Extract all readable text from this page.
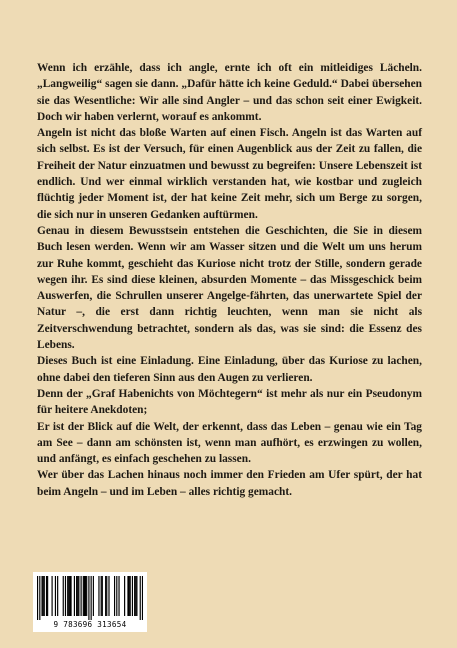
Wenn ich erzähle, dass ich angle, ernte ich oft ein mitleidiges Lächeln. „Langweilig“ sagen sie dann. „Dafür hätte ich keine Geduld.“ Dabei übersehen sie das Wesentliche: Wir alle sind Angler – und das schon seit einer Ewigkeit. Doch wir haben verlernt, worauf es ankommt.

Angeln ist nicht das bloße Warten auf einen Fisch. Angeln ist das Warten auf sich selbst. Es ist der Versuch, für einen Augenblick aus der Zeit zu fallen, die Freiheit der Natur einzuatmen und bewusst zu begreifen: Unsere Lebenszeit ist endlich. Und wer einmal wirklich verstanden hat, wie kostbar und zugleich flüchtig jeder Moment ist, der hat keine Zeit mehr, sich um Berge zu sorgen, die sich nur in unseren Gedanken auftürmen.

Genau in diesem Bewusstsein entstehen die Geschichten, die Sie in diesem Buch lesen werden. Wenn wir am Wasser sitzen und die Welt um uns herum zur Ruhe kommt, geschieht das Kuriose nicht trotz der Stille, sondern gerade wegen ihr. Es sind diese kleinen, absurden Momente – das Missgeschick beim Auswerfen, die Schrullen unserer Angelge-fährten, das unerwartete Spiel der Natur –, die erst dann richtig leuchten, wenn man sie nicht als Zeitverschwendung betrachtet, sondern als das, was sie sind: die Essenz des Lebens.

Dieses Buch ist eine Einladung. Eine Einladung, über das Kuriose zu lachen, ohne dabei den tieferen Sinn aus den Augen zu verlieren.

Denn der „Graf Habenichts von Möchtegern“ ist mehr als nur ein Pseudonym für heitere Anekdoten;

Er ist der Blick auf die Welt, der erkennt, dass das Leben – genau wie ein Tag am See – dann am schönsten ist, wenn man aufhört, es erzwingen zu wollen, und anfängt, es einfach geschehen zu lassen.

Wer über das Lachen hinaus noch immer den Frieden am Ufer spürt, der hat beim Angeln – und im Leben – alles richtig gemacht.

9 783696 313654
